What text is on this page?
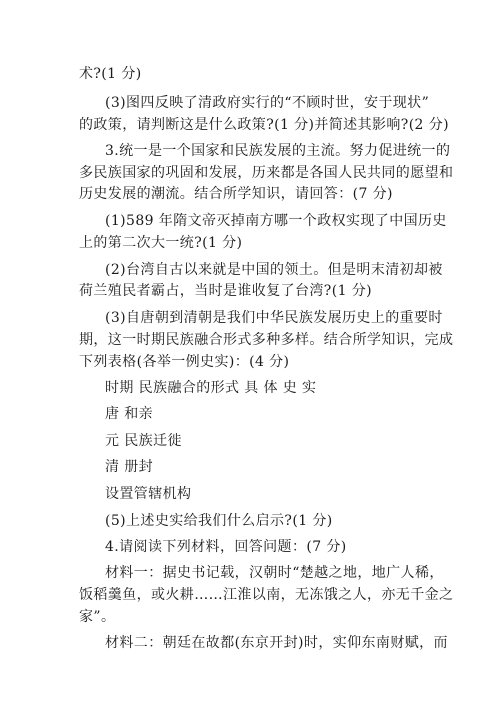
术?(1 分)
(3)图四反映了清政府实行的“不顾时世，安于现状”
的政策，请判断这是什么政策?(1 分)并简述其影响?(2 分)
3.统一是一个国家和民族发展的主流。努力促进统一的
多民族国家的巩固和发展，历来都是各国人民共同的愿望和
历史发展的潮流。结合所学知识，请回答：(7 分)
(1)589 年隋文帝灭掉南方哪一个政权实现了中国历史
上的第二次大一统?(1 分)
(2)台湾自古以来就是中国的领土。但是明末清初却被
荷兰殖民者霸占，当时是谁收复了台湾?(1 分)
(3)自唐朝到清朝是我们中华民族发展历史上的重要时
期，这一时期民族融合形式多种多样。结合所学知识，完成
下列表格(各举一例史实)：(4 分)
时期 民族融合的形式 具 体 史 实
唐 和亲
元 民族迁徙
清 册封
设置管辖机构
(5)上述史实给我们什么启示?(1 分)
4.请阅读下列材料，回答问题：(7 分)
材料一：据史书记载，汉朝时“楚越之地，地广人稀，
饭稻羹鱼，或火耕……江淮以南，无冻饿之人，亦无千金之
家”。
材料二：朝廷在故都(东京开封)时，实仰东南财赋，而
